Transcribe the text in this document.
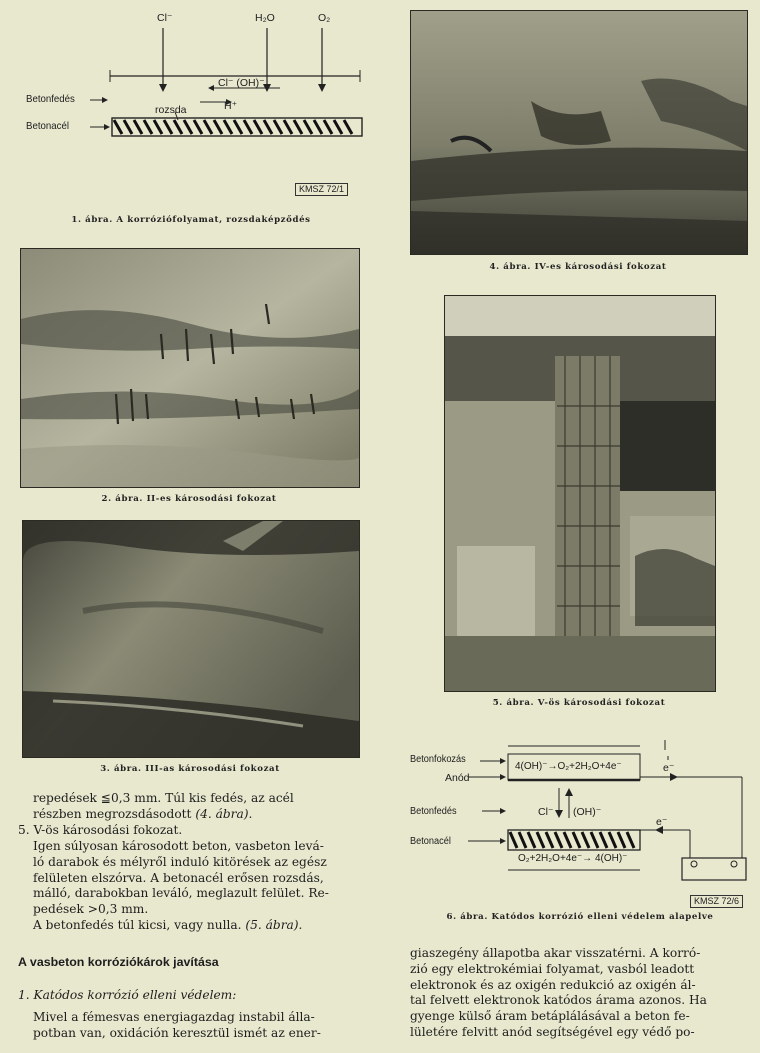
Cl⁻	H₂O	O₂
Betonfedés
Betonacél
rozsda
Cl⁻ (OH)⁻
H⁺
KMSZ 72/1
1. ábra. A korróziófolyamat, rozsdaképződés
2. ábra. II-es károsodási fokozat
3. ábra. III-as károsodási fokozat
4. ábra. IV-es károsodási fokozat
5. ábra. V-ös károsodási fokozat
Betonfokozás
Anód
Betonfedés
Betonacél
4(OH)⁻→O₂+2H₂O+4e⁻
O₂+2H₂O+4e⁻→ 4(OH)⁻
Cl⁻ (OH)⁻
e⁻
e⁻
KMSZ 72/6
6. ábra. Katódos korrózió elleni védelem alapelve

repedések ≦0,3 mm. Túl kis fedés, az acél

részben megrozsdásodott (4. ábra).

5. V-ös károsodási fokozat.

Igen súlyosan károsodott beton, vasbeton levá-

ló darabok és mélyről induló kitörések az egész

felületen elszórva. A betonacél erősen rozsdás,

málló, darabokban leváló, meglazult felület. Re-

pedések >0,3 mm.

A betonfedés túl kicsi, vagy nulla. (5. ábra).

A vasbeton korróziókárok javítása
1. Katódos korrózió elleni védelem:

Mivel a fémesvas energiagazdag instabil álla-

potban van, oxidáción keresztül ismét az ener-

giaszegény állapotba akar visszatérni. A korró-

zió egy elektrokémiai folyamat, vasból leadott

elektronok és az oxigén redukció az oxigén ál-

tal felvett elektronok katódos árama azonos. Ha

gyenge külső áram betáplálásával a beton fe-

lületére felvitt anód segítségével egy védő po-
